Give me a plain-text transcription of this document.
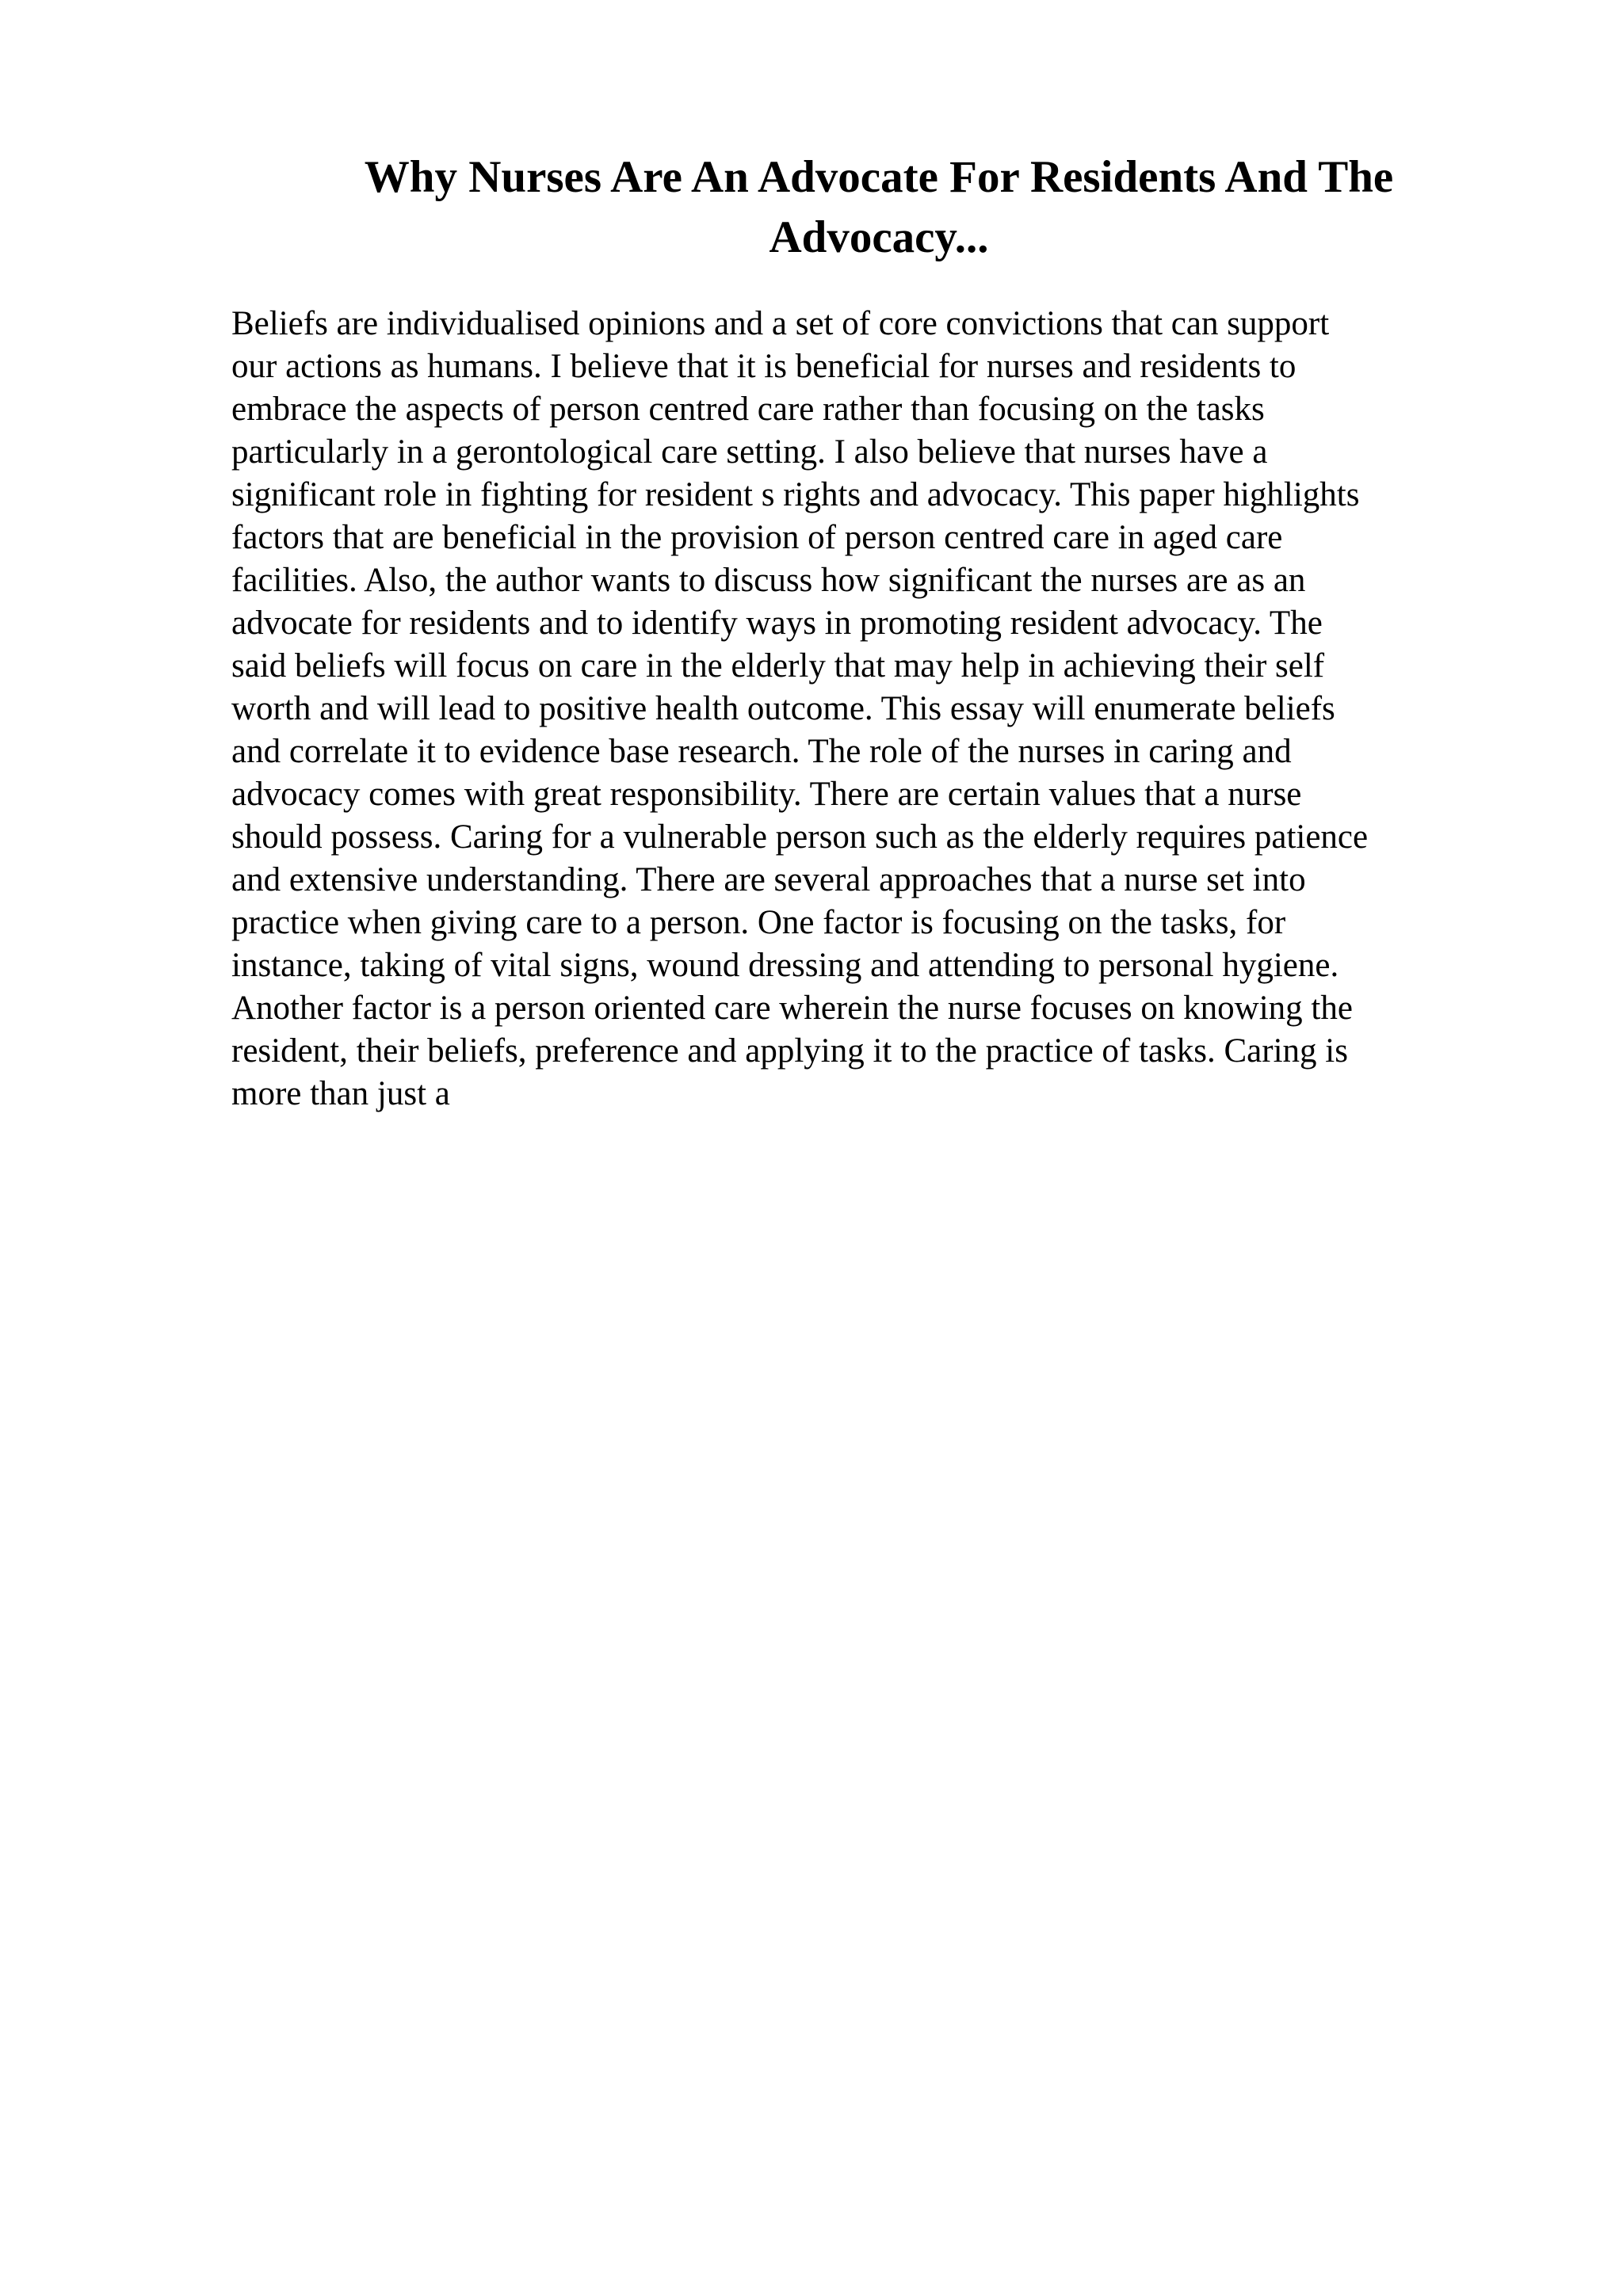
Why Nurses Are An Advocate For Residents And The
Advocacy...
Beliefs are individualised opinions and a set of core convictions that can support
our actions as humans. I believe that it is beneficial for nurses and residents to
embrace the aspects of person centred care rather than focusing on the tasks
particularly in a gerontological care setting. I also believe that nurses have a
significant role in fighting for resident s rights and advocacy. This paper highlights
factors that are beneficial in the provision of person centred care in aged care
facilities. Also, the author wants to discuss how significant the nurses are as an
advocate for residents and to identify ways in promoting resident advocacy. The
said beliefs will focus on care in the elderly that may help in achieving their self
worth and will lead to positive health outcome. This essay will enumerate beliefs
and correlate it to evidence base research. The role of the nurses in caring and
advocacy comes with great responsibility. There are certain values that a nurse
should possess. Caring for a vulnerable person such as the elderly requires patience
and extensive understanding. There are several approaches that a nurse set into
practice when giving care to a person. One factor is focusing on the tasks, for
instance, taking of vital signs, wound dressing and attending to personal hygiene.
Another factor is a person oriented care wherein the nurse focuses on knowing the
resident, their beliefs, preference and applying it to the practice of tasks. Caring is
more than just a
